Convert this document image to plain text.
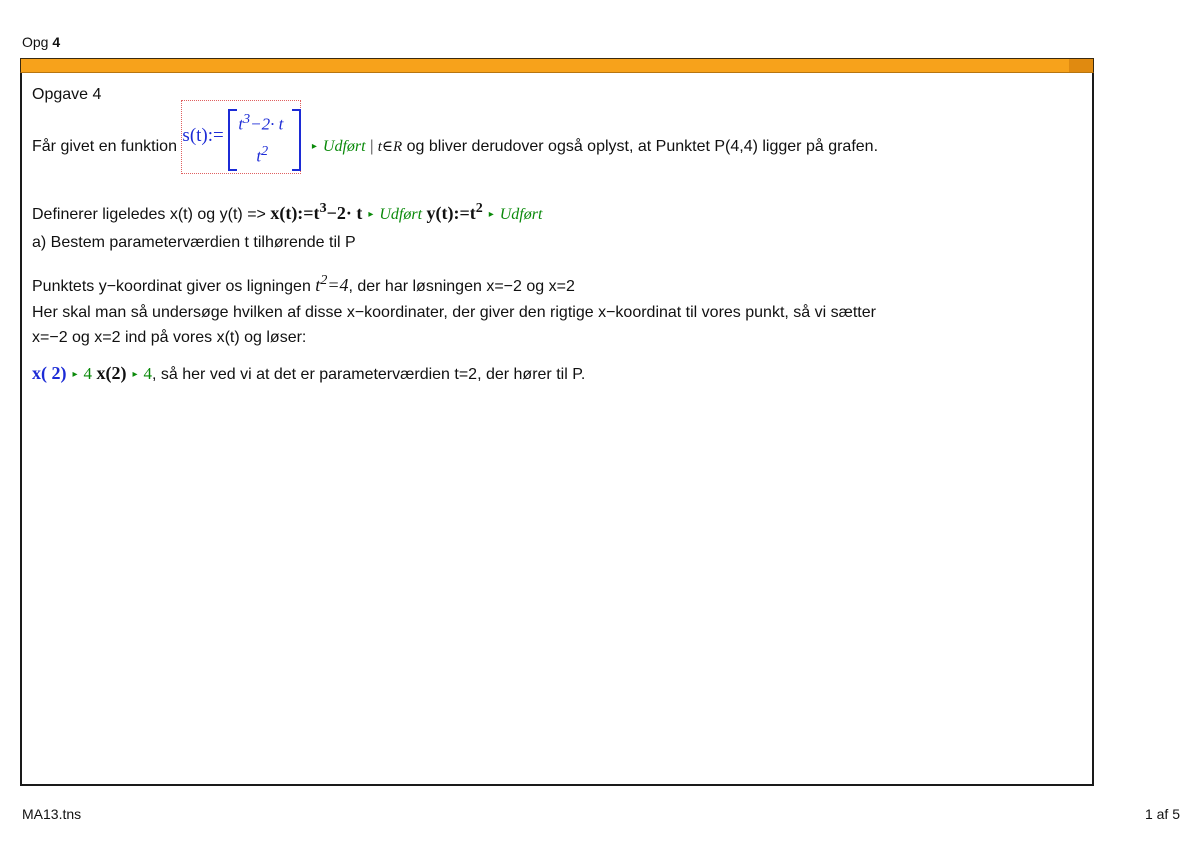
Opg 4
Opgave 4
Får givet en funktion
s(t):=
$t^3-2\cdot t$
$t^2$	▸ Udført | t∈R og bliver derudover også oplyst, at Punktet P(4,4) ligger på grafen.
Definerer ligeledes x(t) og $y(t) => x(t):=t^3-2\cdot t$ ▸ Udført $y(t):=t^2$ ▸ Udført
a) Bestem parameterværdien t tilhørende til P
Punktets y−koordinat giver os ligningen $t^2=4$, der har løsningen x=−2 og x=2
Her skal man så undersøge hvilken af disse x−koordinater, der giver den rigtige x−koordinat til vores punkt, så vi sætter
x=−2 og x=2 ind på vores x(t) og løser:
x( 2) ▸ 4 x(2) ▸ 4, så her ved vi at det er parameterværdien t=2, der hører til P.
MA13.tns	1 af 5
